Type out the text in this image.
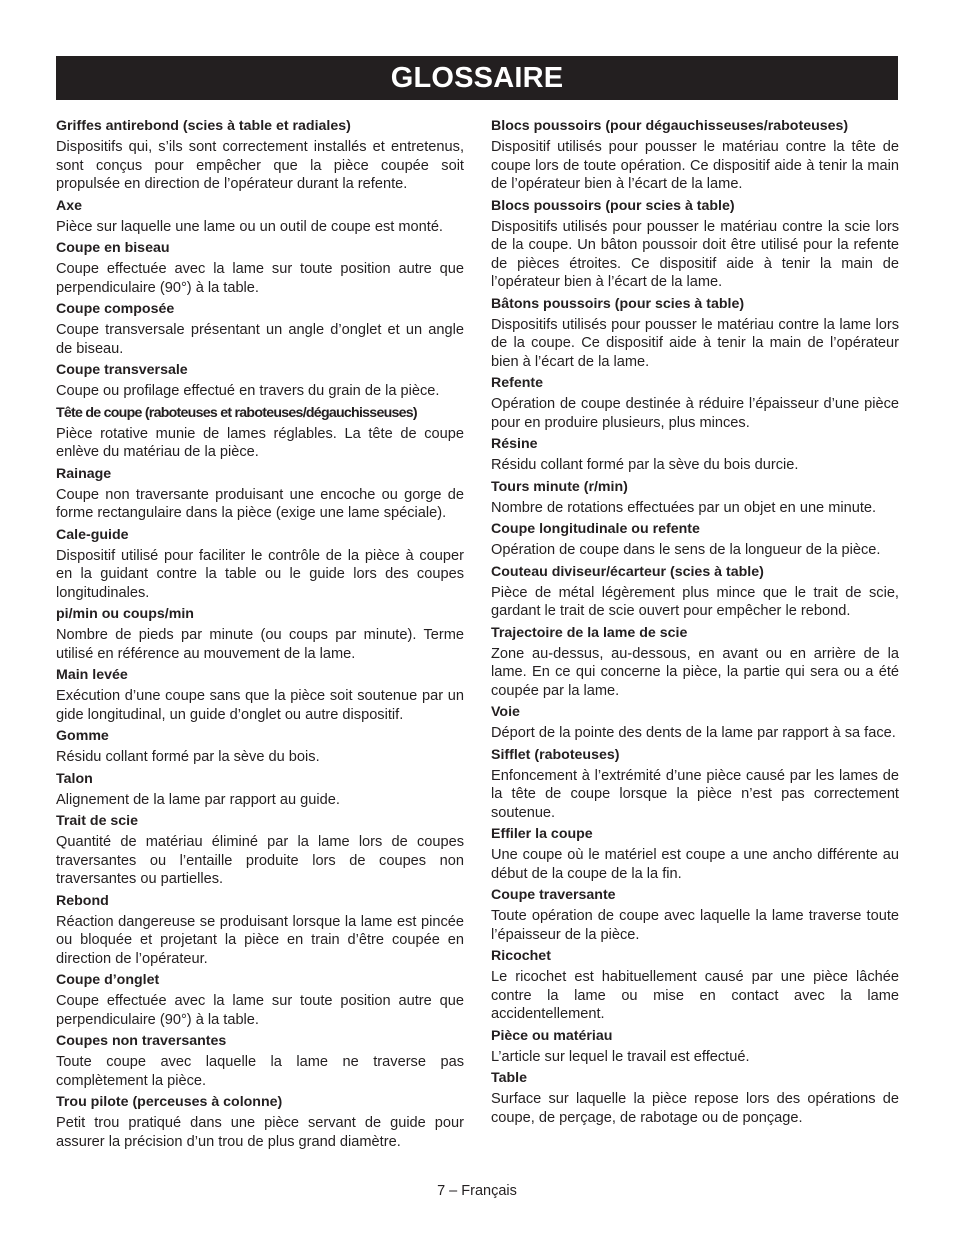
GLOSSAIRE
Griffes antirebond (scies à table et radiales)
Dispositifs qui, s’ils sont correctement installés et entretenus, sont conçus pour empêcher que la pièce coupée soit propulsée en direction de l’opérateur durant la refente.
Axe
Pièce sur laquelle une lame ou un outil de coupe est monté.
Coupe en biseau
Coupe effectuée avec la lame sur toute position autre que perpendiculaire (90°) à la table.
Coupe composée
Coupe transversale présentant un angle d’onglet et un angle de biseau.
Coupe transversale
Coupe ou profilage effectué en travers du grain de la pièce.
Tête de coupe (raboteuses et raboteuses/dégauchisseuses)
Pièce rotative munie de lames réglables. La tête de coupe enlève du matériau de la pièce.
Rainage
Coupe non traversante produisant une encoche ou gorge de forme rectangulaire dans la pièce (exige une lame spéciale).
Cale-guide
Dispositif utilisé pour faciliter le contrôle de la pièce à couper en la guidant contre la table ou le guide lors des coupes longitudinales.
pi/min ou coups/min
Nombre de pieds par minute (ou coups par minute). Terme utilisé en référence au mouvement de la lame.
Main levée
Exécution d’une coupe sans que la pièce soit soutenue par un gide longitudinal, un guide d’onglet ou autre dispositif.
Gomme
Résidu collant formé par la sève du bois.
Talon
Alignement de la lame par rapport au guide.
Trait de scie
Quantité de matériau éliminé par la lame lors de coupes traversantes ou l’entaille produite lors de coupes non traversantes ou partielles.
Rebond
Réaction dangereuse se produisant lorsque la lame est pincée ou bloquée et projetant la pièce en train d’être coupée en direction de l’opérateur.
Coupe d’onglet
Coupe effectuée avec la lame sur toute position autre que perpendiculaire (90°) à la table.
Coupes non traversantes
Toute coupe avec laquelle la lame ne traverse pas complètement la pièce.
Trou pilote (perceuses à colonne)
Petit trou pratiqué dans une pièce servant de guide pour assurer la précision d’un trou de plus grand diamètre.
Blocs poussoirs (pour dégauchisseuses/raboteuses)
Dispositif utilisés pour pousser le matériau contre la tête de coupe lors de toute opération. Ce dispositif aide à tenir la main de l’opérateur bien à l’écart de la lame.
Blocs poussoirs (pour scies à table)
Dispositifs utilisés pour pousser le matériau contre la scie lors de la coupe. Un bâton poussoir doit être utilisé pour la refente de pièces étroites. Ce dispositif aide à tenir la main de l’opérateur bien à l’écart de la lame.
Bâtons poussoirs (pour scies à table)
Dispositifs utilisés pour pousser le matériau contre la lame lors de la coupe. Ce dispositif aide à tenir la main de l’opérateur bien à l’écart de la lame.
Refente
Opération de coupe destinée à réduire l’épaisseur d’une pièce pour en produire plusieurs, plus minces.
Résine
Résidu collant formé par la sève du bois durcie.
Tours minute (r/min)
Nombre de rotations effectuées par un objet en une minute.
Coupe longitudinale ou refente
Opération de coupe dans le sens de la longueur de la pièce.
Couteau diviseur/écarteur (scies à table)
Pièce de métal légèrement plus mince que le trait de scie, gardant le trait de scie ouvert pour empêcher le rebond.
Trajectoire de la lame de scie
Zone au-dessus, au-dessous, en avant ou en arrière de la lame. En ce qui concerne la pièce, la partie qui sera ou a été coupée par la lame.
Voie
Déport de la pointe des dents de la lame par rapport à sa face.
Sifflet (raboteuses)
Enfoncement à l’extrémité d’une pièce causé par les lames de la tête de coupe lorsque la pièce n’est pas correctement soutenue.
Effiler la coupe
Une coupe où le matériel est coupe a une ancho différente au début de la coupe de la la fin.
Coupe traversante
Toute opération de coupe avec laquelle la lame traverse toute l’épaisseur de la pièce.
Ricochet
Le ricochet est habituellement causé par une pièce lâchée contre la lame ou mise en contact avec la lame accidentellement.
Pièce ou matériau
L’article sur lequel le travail est effectué.
Table
Surface sur laquelle la pièce repose lors des opérations de coupe, de perçage, de rabotage ou de ponçage.
7 – Français
